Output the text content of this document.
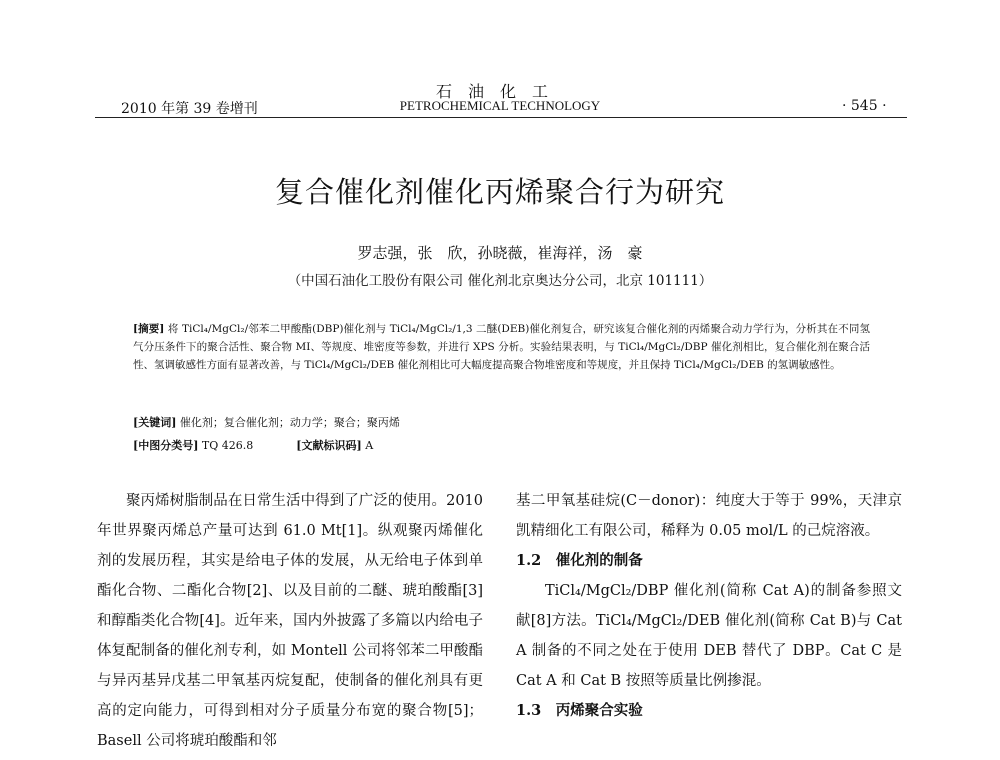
石油化工
2010 年第 39 卷增刊	PETROCHEMICAL TECHNOLOGY	· 545 ·
复合催化剂催化丙烯聚合行为研究
罗志强，张　欣，孙晓薇，崔海祥，汤　豪
（中国石油化工股份有限公司 催化剂北京奥达分公司，北京 101111）
[摘要] 将 TiCl₄/MgCl₂/邻苯二甲酸酯(DBP)催化剂与 TiCl₄/MgCl₂/1,3 二醚(DEB)催化剂复合，研究该复合催化剂的丙烯聚合动力学行为，分析其在不同氢气分压条件下的聚合活性、聚合物 MI、等规度、堆密度等参数，并进行 XPS 分析。实验结果表明，与 TiCl₄/MgCl₂/DBP 催化剂相比，复合催化剂在聚合活性、氢调敏感性方面有显著改善，与 TiCl₄/MgCl₂/DEB 催化剂相比可大幅度提高聚合物堆密度和等规度，并且保持 TiCl₄/MgCl₂/DEB 的氢调敏感性。
[关键词] 催化剂；复合催化剂；动力学；聚合；聚丙烯
[中图分类号] TQ 426.8	[文献标识码] A
聚丙烯树脂制品在日常生活中得到了广泛的使用。2010 年世界聚丙烯总产量可达到 61.0 Mt[1]。纵观聚丙烯催化剂的发展历程，其实是给电子体的发展，从无给电子体到单酯化合物、二酯化合物[2]、以及目前的二醚、琥珀酸酯[3]和醇酯类化合物[4]。近年来，国内外披露了多篇以内给电子体复配制备的催化剂专利，如 Montell 公司将邻苯二甲酸酯与异丙基异戊基二甲氧基丙烷复配，使制备的催化剂具有更高的定向能力，可得到相对分子质量分布宽的聚合物[5]；Basell 公司将琥珀酸酯和邻

基二甲氧基硅烷(C－donor)：纯度大于等于 99%，天津京凯精细化工有限公司，稀释为 0.05 mol/L 的己烷溶液。

1.2　催化剂的制备

TiCl₄/MgCl₂/DBP 催化剂(简称 Cat A)的制备参照文献[8]方法。TiCl₄/MgCl₂/DEB 催化剂(简称 Cat B)与 Cat A 制备的不同之处在于使用 DEB 替代了 DBP。Cat C 是 Cat A 和 Cat B 按照等质量比例掺混。

1.3　丙烯聚合实验
